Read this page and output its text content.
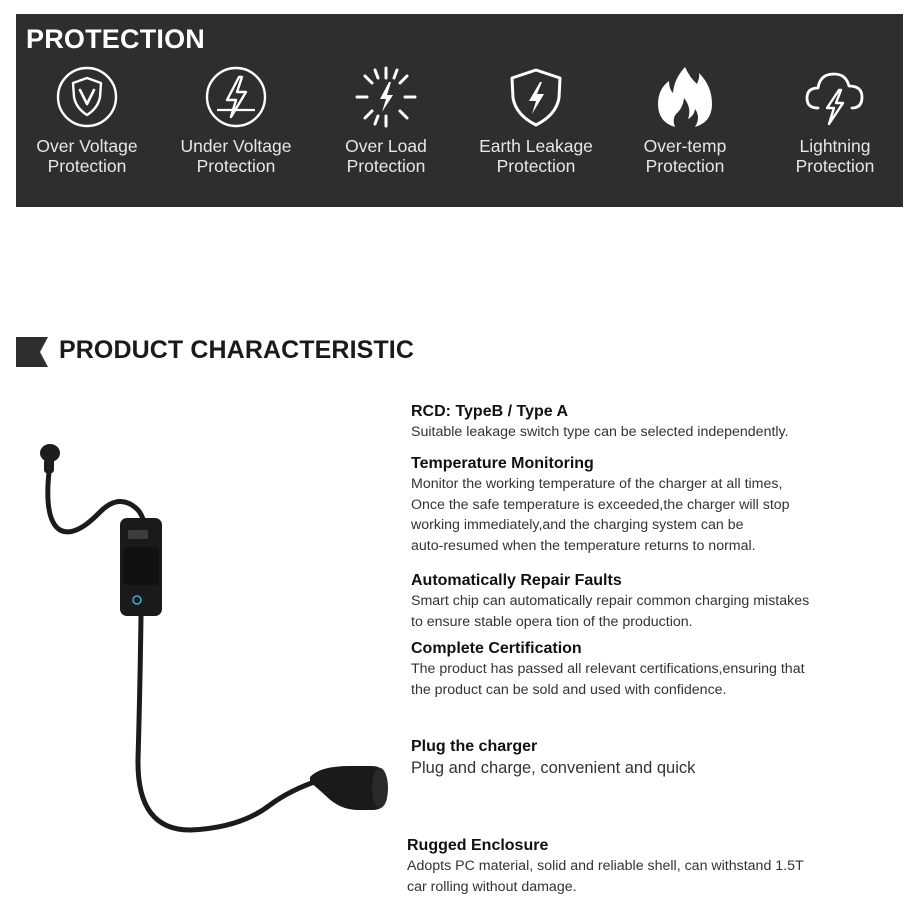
PROTECTION
Over Voltage
Protection
Under Voltage
Protection
Over Load
Protection
Earth Leakage
Protection
Over-temp
Protection
Lightning
Protection
PRODUCT CHARACTERISTIC
RCD: TypeB / Type A
Suitable leakage switch type can be selected independently.
Temperature Monitoring
Monitor the working temperature of the charger at all times,
Once the safe temperature is exceeded,the charger will stop
working immediately,and the charging system can be
auto-resumed when the temperature returns to normal.
Automatically Repair Faults
Smart chip can automatically repair common charging mistakes
to ensure stable opera tion of the production.
Complete Certification
The product has passed all relevant certifications,ensuring that
the product can be sold and used with confidence.
Plug the charger
Plug and charge, convenient and quick
Rugged Enclosure
Adopts PC material, solid and reliable shell, can withstand 1.5T
car rolling without damage.
